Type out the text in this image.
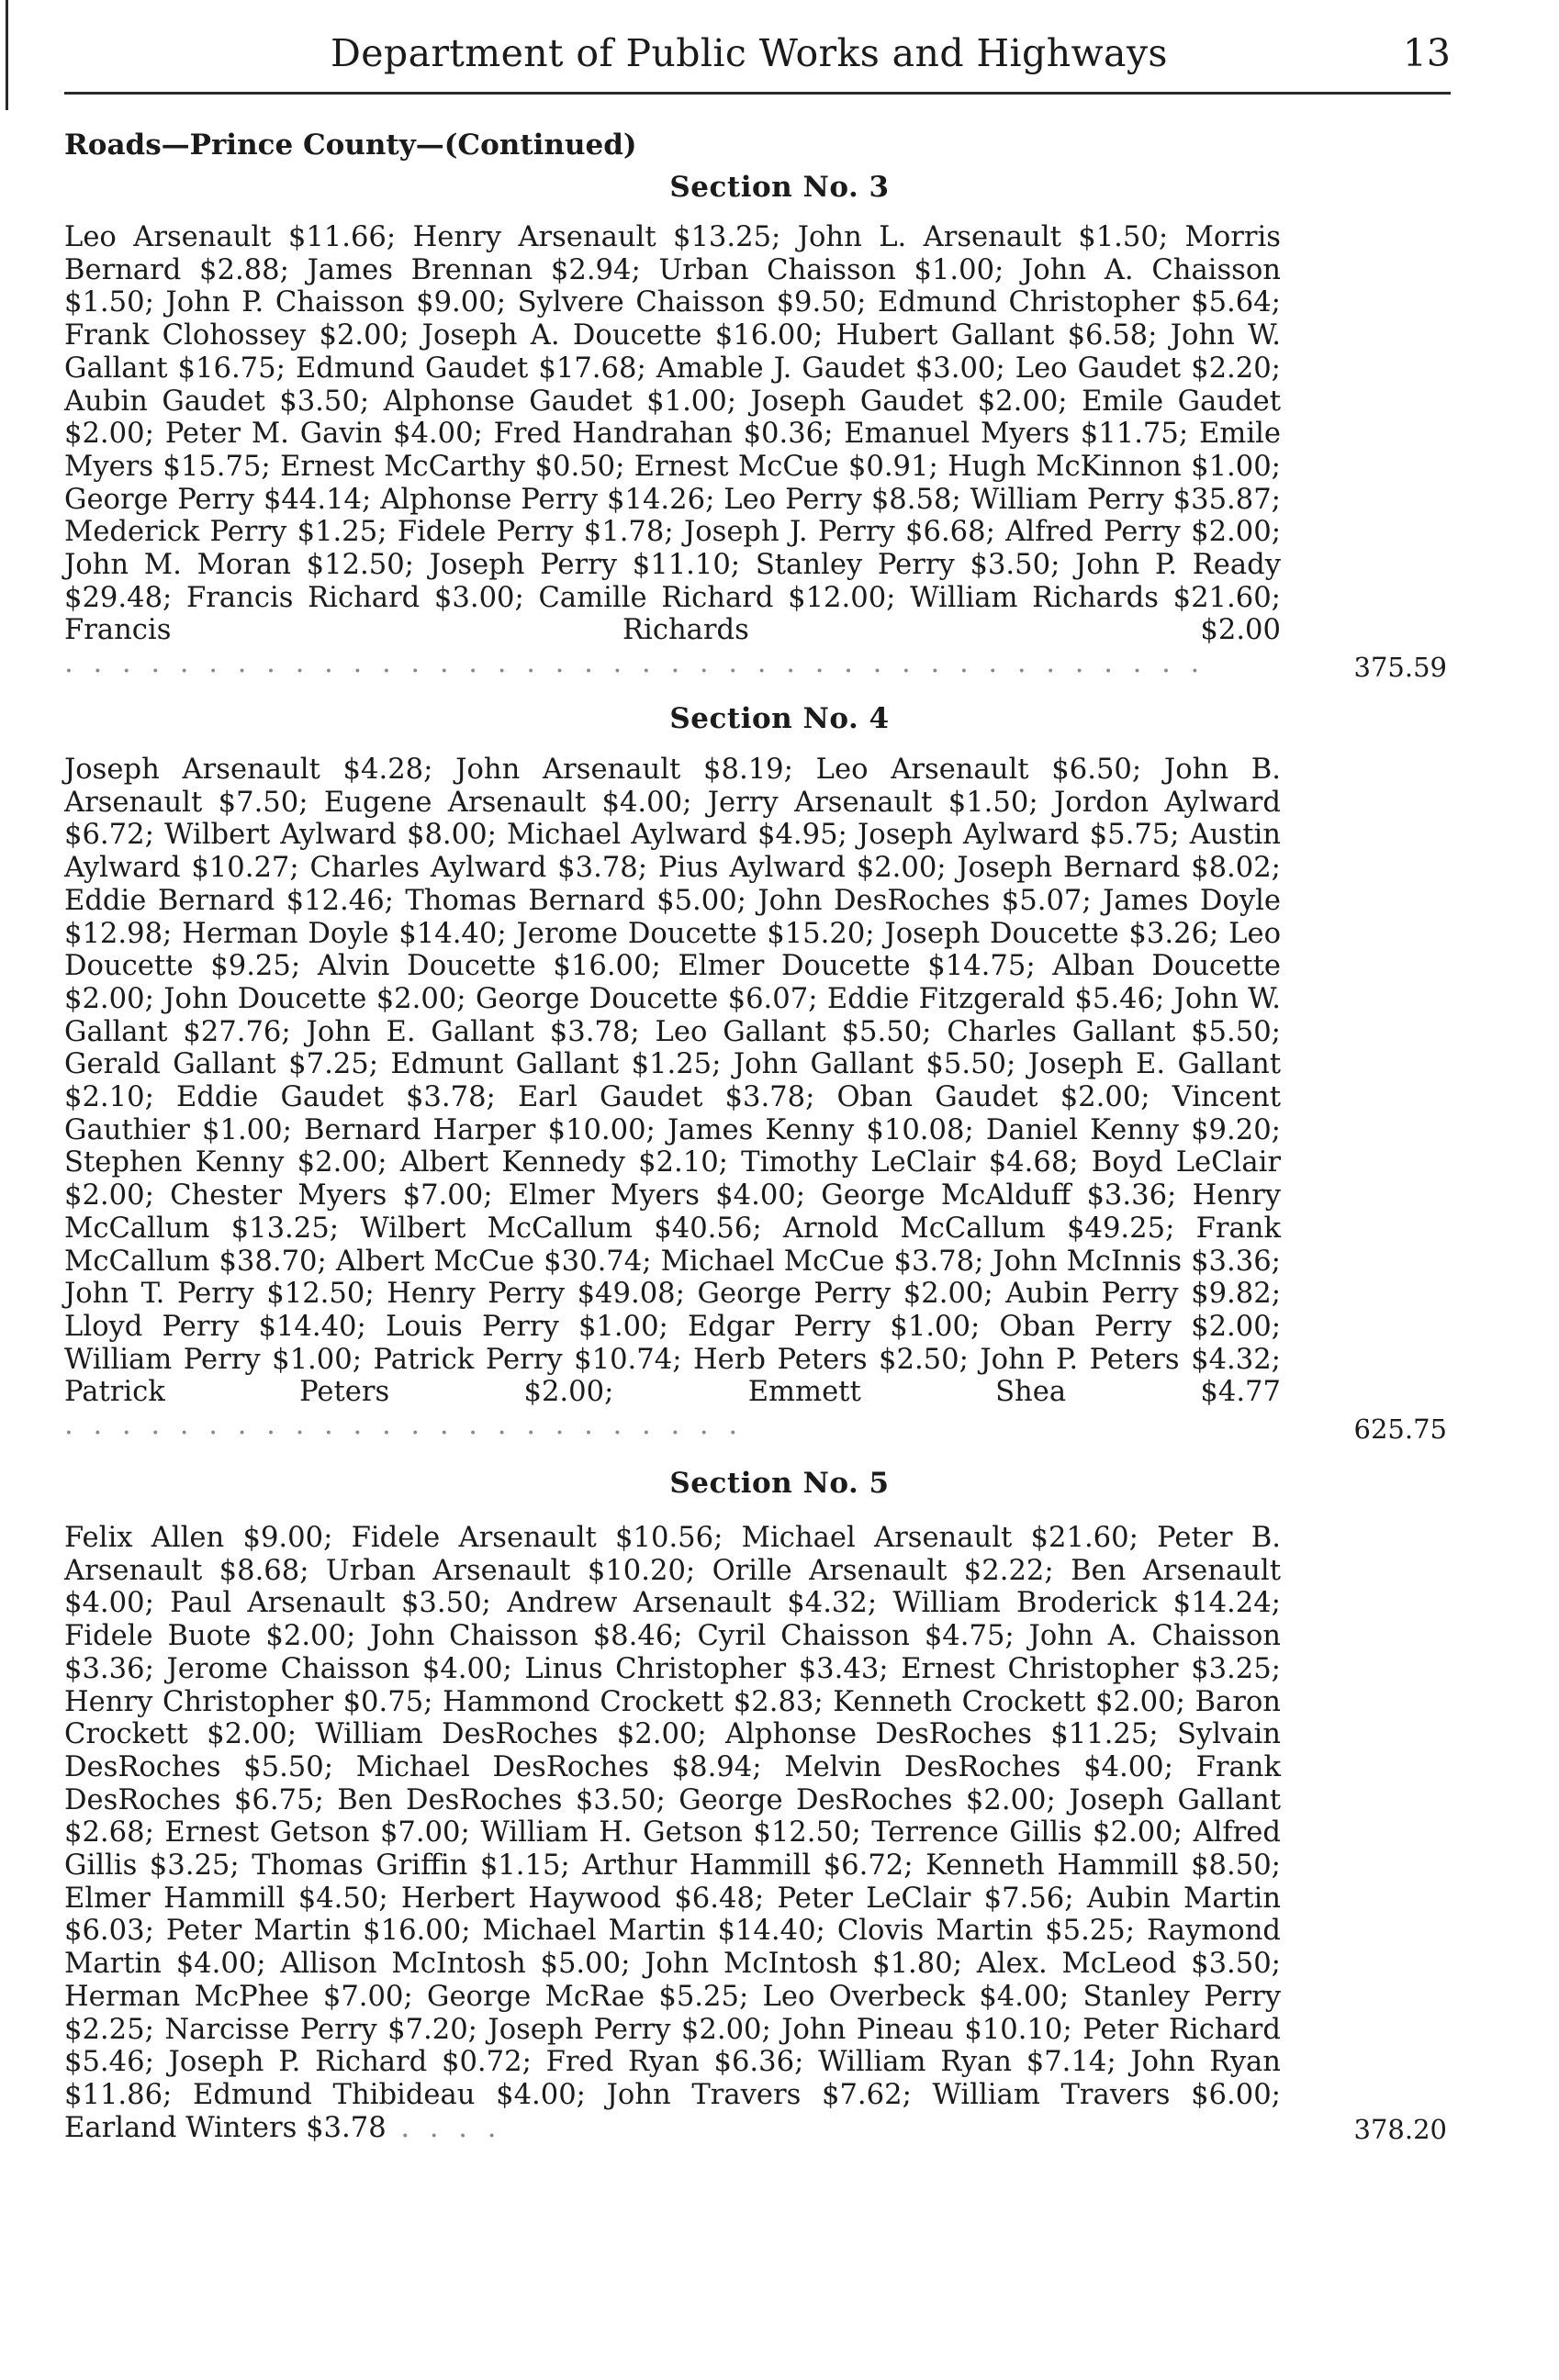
Department of Public Works and Highways	13
Roads—Prince County—(Continued)
Section No. 3

Leo Arsenault $11.66; Henry Arsenault $13.25; John L. Arsenault $1.50; Morris Bernard $2.88; James Brennan $2.94; Urban Chaisson $1.00; John A. Chaisson $1.50; John P. Chaisson $9.00; Sylvere Chaisson $9.50; Edmund Christopher $5.64; Frank Clohossey $2.00; Joseph A. Doucette $16.00; Hubert Gallant $6.58; John W. Gallant $16.75; Edmund Gaudet $17.68; Amable J. Gaudet $3.00; Leo Gaudet $2.20; Aubin Gaudet $3.50; Alphonse Gaudet $1.00; Joseph Gaudet $2.00; Emile Gaudet $2.00; Peter M. Gavin $4.00; Fred Handrahan $0.36; Emanuel Myers $11.75; Emile Myers $15.75; Ernest McCarthy $0.50; Ernest McCue $0.91; Hugh McKinnon $1.00; George Perry $44.14; Alphonse Perry $14.26; Leo Perry $8.58; William Perry $35.87; Mederick Perry $1.25; Fidele Perry $1.78; Joseph J. Perry $6.68; Alfred Perry $2.00; John M. Moran $12.50; Joseph Perry $11.10; Stanley Perry $3.50; John P. Ready $29.48; Francis Richard $3.00; Camille Richard $12.00; William Richards $21.60; Francis Richards $2.00 . . . . . . . . . . . . . . . . . . . . . . . . . . . . . . . . . . . . . . . .	375.59
Section No. 4

Joseph Arsenault $4.28; John Arsenault $8.19; Leo Arsenault $6.50; John B. Arsenault $7.50; Eugene Arsenault $4.00; Jerry Arsenault $1.50; Jordon Aylward $6.72; Wilbert Aylward $8.00; Michael Aylward $4.95; Joseph Aylward $5.75; Austin Aylward $10.27; Charles Aylward $3.78; Pius Aylward $2.00; Joseph Bernard $8.02; Eddie Bernard $12.46; Thomas Bernard $5.00; John DesRoches $5.07; James Doyle $12.98; Herman Doyle $14.40; Jerome Doucette $15.20; Joseph Doucette $3.26; Leo Doucette $9.25; Alvin Doucette $16.00; Elmer Doucette $14.75; Alban Doucette $2.00; John Doucette $2.00; George Doucette $6.07; Eddie Fitzgerald $5.46; John W. Gallant $27.76; John E. Gallant $3.78; Leo Gallant $5.50; Charles Gallant $5.50; Gerald Gallant $7.25; Edmunt Gallant $1.25; John Gallant $5.50; Joseph E. Gallant $2.10; Eddie Gaudet $3.78; Earl Gaudet $3.78; Oban Gaudet $2.00; Vincent Gauthier $1.00; Bernard Harper $10.00; James Kenny $10.08; Daniel Kenny $9.20; Stephen Kenny $2.00; Albert Kennedy $2.10; Timothy LeClair $4.68; Boyd LeClair $2.00; Chester Myers $7.00; Elmer Myers $4.00; George McAlduff $3.36; Henry McCallum $13.25; Wilbert McCallum $40.56; Arnold McCallum $49.25; Frank McCallum $38.70; Albert McCue $30.74; Michael McCue $3.78; John McInnis $3.36; John T. Perry $12.50; Henry Perry $49.08; George Perry $2.00; Aubin Perry $9.82; Lloyd Perry $14.40; Louis Perry $1.00; Edgar Perry $1.00; Oban Perry $2.00; William Perry $1.00; Patrick Perry $10.74; Herb Peters $2.50; John P. Peters $4.32; Patrick Peters $2.00; Emmett Shea $4.77 . . . . . . . . . . . . . . . . . . . . . . . .	625.75
Section No. 5

Felix Allen $9.00; Fidele Arsenault $10.56; Michael Arsenault $21.60; Peter B. Arsenault $8.68; Urban Arsenault $10.20; Orille Arsenault $2.22; Ben Arsenault $4.00; Paul Arsenault $3.50; Andrew Arsenault $4.32; William Broderick $14.24; Fidele Buote $2.00; John Chaisson $8.46; Cyril Chaisson $4.75; John A. Chaisson $3.36; Jerome Chaisson $4.00; Linus Christopher $3.43; Ernest Christopher $3.25; Henry Christopher $0.75; Hammond Crockett $2.83; Kenneth Crockett $2.00; Baron Crockett $2.00; William DesRoches $2.00; Alphonse DesRoches $11.25; Sylvain DesRoches $5.50; Michael DesRoches $8.94; Melvin DesRoches $4.00; Frank DesRoches $6.75; Ben DesRoches $3.50; George DesRoches $2.00; Joseph Gallant $2.68; Ernest Getson $7.00; William H. Getson $12.50; Terrence Gillis $2.00; Alfred Gillis $3.25; Thomas Griffin $1.15; Arthur Hammill $6.72; Kenneth Hammill $8.50; Elmer Hammill $4.50; Herbert Haywood $6.48; Peter LeClair $7.56; Aubin Martin $6.03; Peter Martin $16.00; Michael Martin $14.40; Clovis Martin $5.25; Raymond Martin $4.00; Allison McIntosh $5.00; John McIntosh $1.80; Alex. McLeod $3.50; Herman McPhee $7.00; George McRae $5.25; Leo Overbeck $4.00; Stanley Perry $2.25; Narcisse Perry $7.20; Joseph Perry $2.00; John Pineau $10.10; Peter Richard $5.46; Joseph P. Richard $0.72; Fred Ryan $6.36; William Ryan $7.14; John Ryan $11.86; Edmund Thibideau $4.00; John Travers $7.62; William Travers $6.00; Earland Winters $3.78 . . . .	378.20
